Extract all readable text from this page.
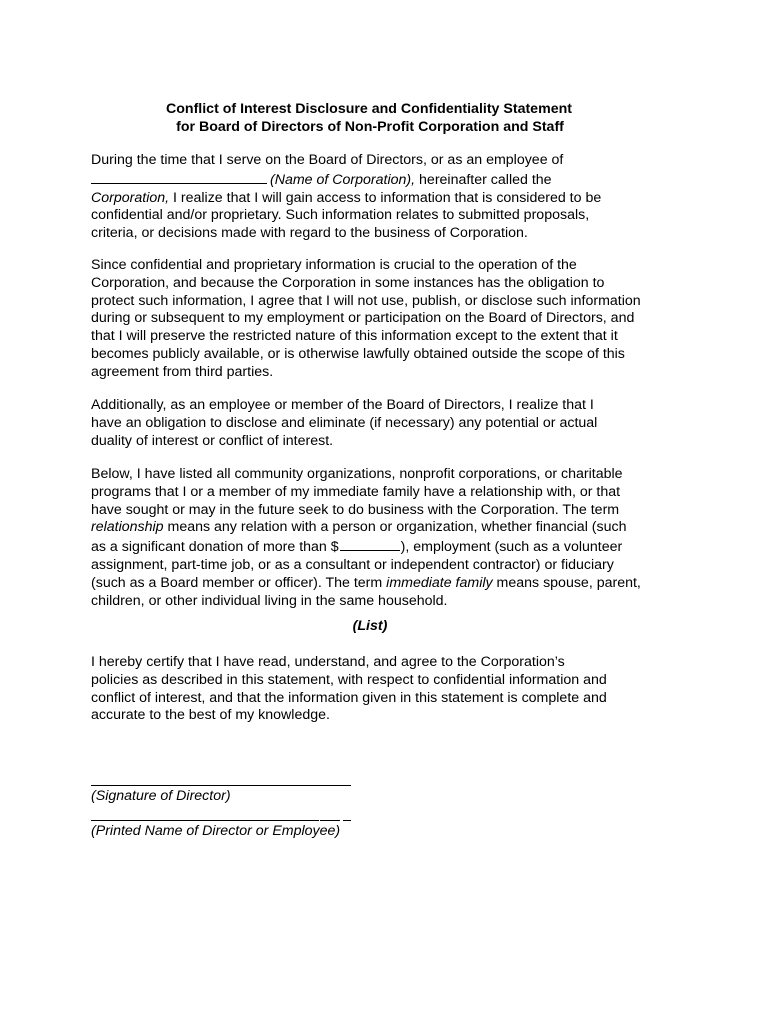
Conflict of Interest Disclosure and Confidentiality Statement
for Board of Directors of Non-Profit Corporation and Staff
During the time that I serve on the Board of Directors, or as an employee of
(Name of Corporation), hereinafter called the
Corporation, I realize that I will gain access to information that is considered to be
confidential and/or proprietary. Such information relates to submitted proposals,
criteria, or decisions made with regard to the business of Corporation.
Since confidential and proprietary information is crucial to the operation of the
Corporation, and because the Corporation in some instances has the obligation to
protect such information, I agree that I will not use, publish, or disclose such information
during or subsequent to my employment or participation on the Board of Directors, and
that I will preserve the restricted nature of this information except to the extent that it
becomes publicly available, or is otherwise lawfully obtained outside the scope of this
agreement from third parties.
Additionally, as an employee or member of the Board of Directors, I realize that I
have an obligation to disclose and eliminate (if necessary) any potential or actual
duality of interest or conflict of interest.
Below, I have listed all community organizations, nonprofit corporations, or charitable
programs that I or a member of my immediate family have a relationship with, or that
have sought or may in the future seek to do business with the Corporation. The term
relationship means any relation with a person or organization, whether financial (such
as a significant donation of more than $	), employment (such as a volunteer
assignment, part-time job, or as a consultant or independent contractor) or fiduciary
(such as a Board member or officer). The term immediate family means spouse, parent,
children, or other individual living in the same household.
(List)
I hereby certify that I have read, understand, and agree to the Corporation’s
policies as described in this statement, with respect to confidential information and
conflict of interest, and that the information given in this statement is complete and
accurate to the best of my knowledge.
(Signature of Director)
(Printed Name of Director or Employee)
